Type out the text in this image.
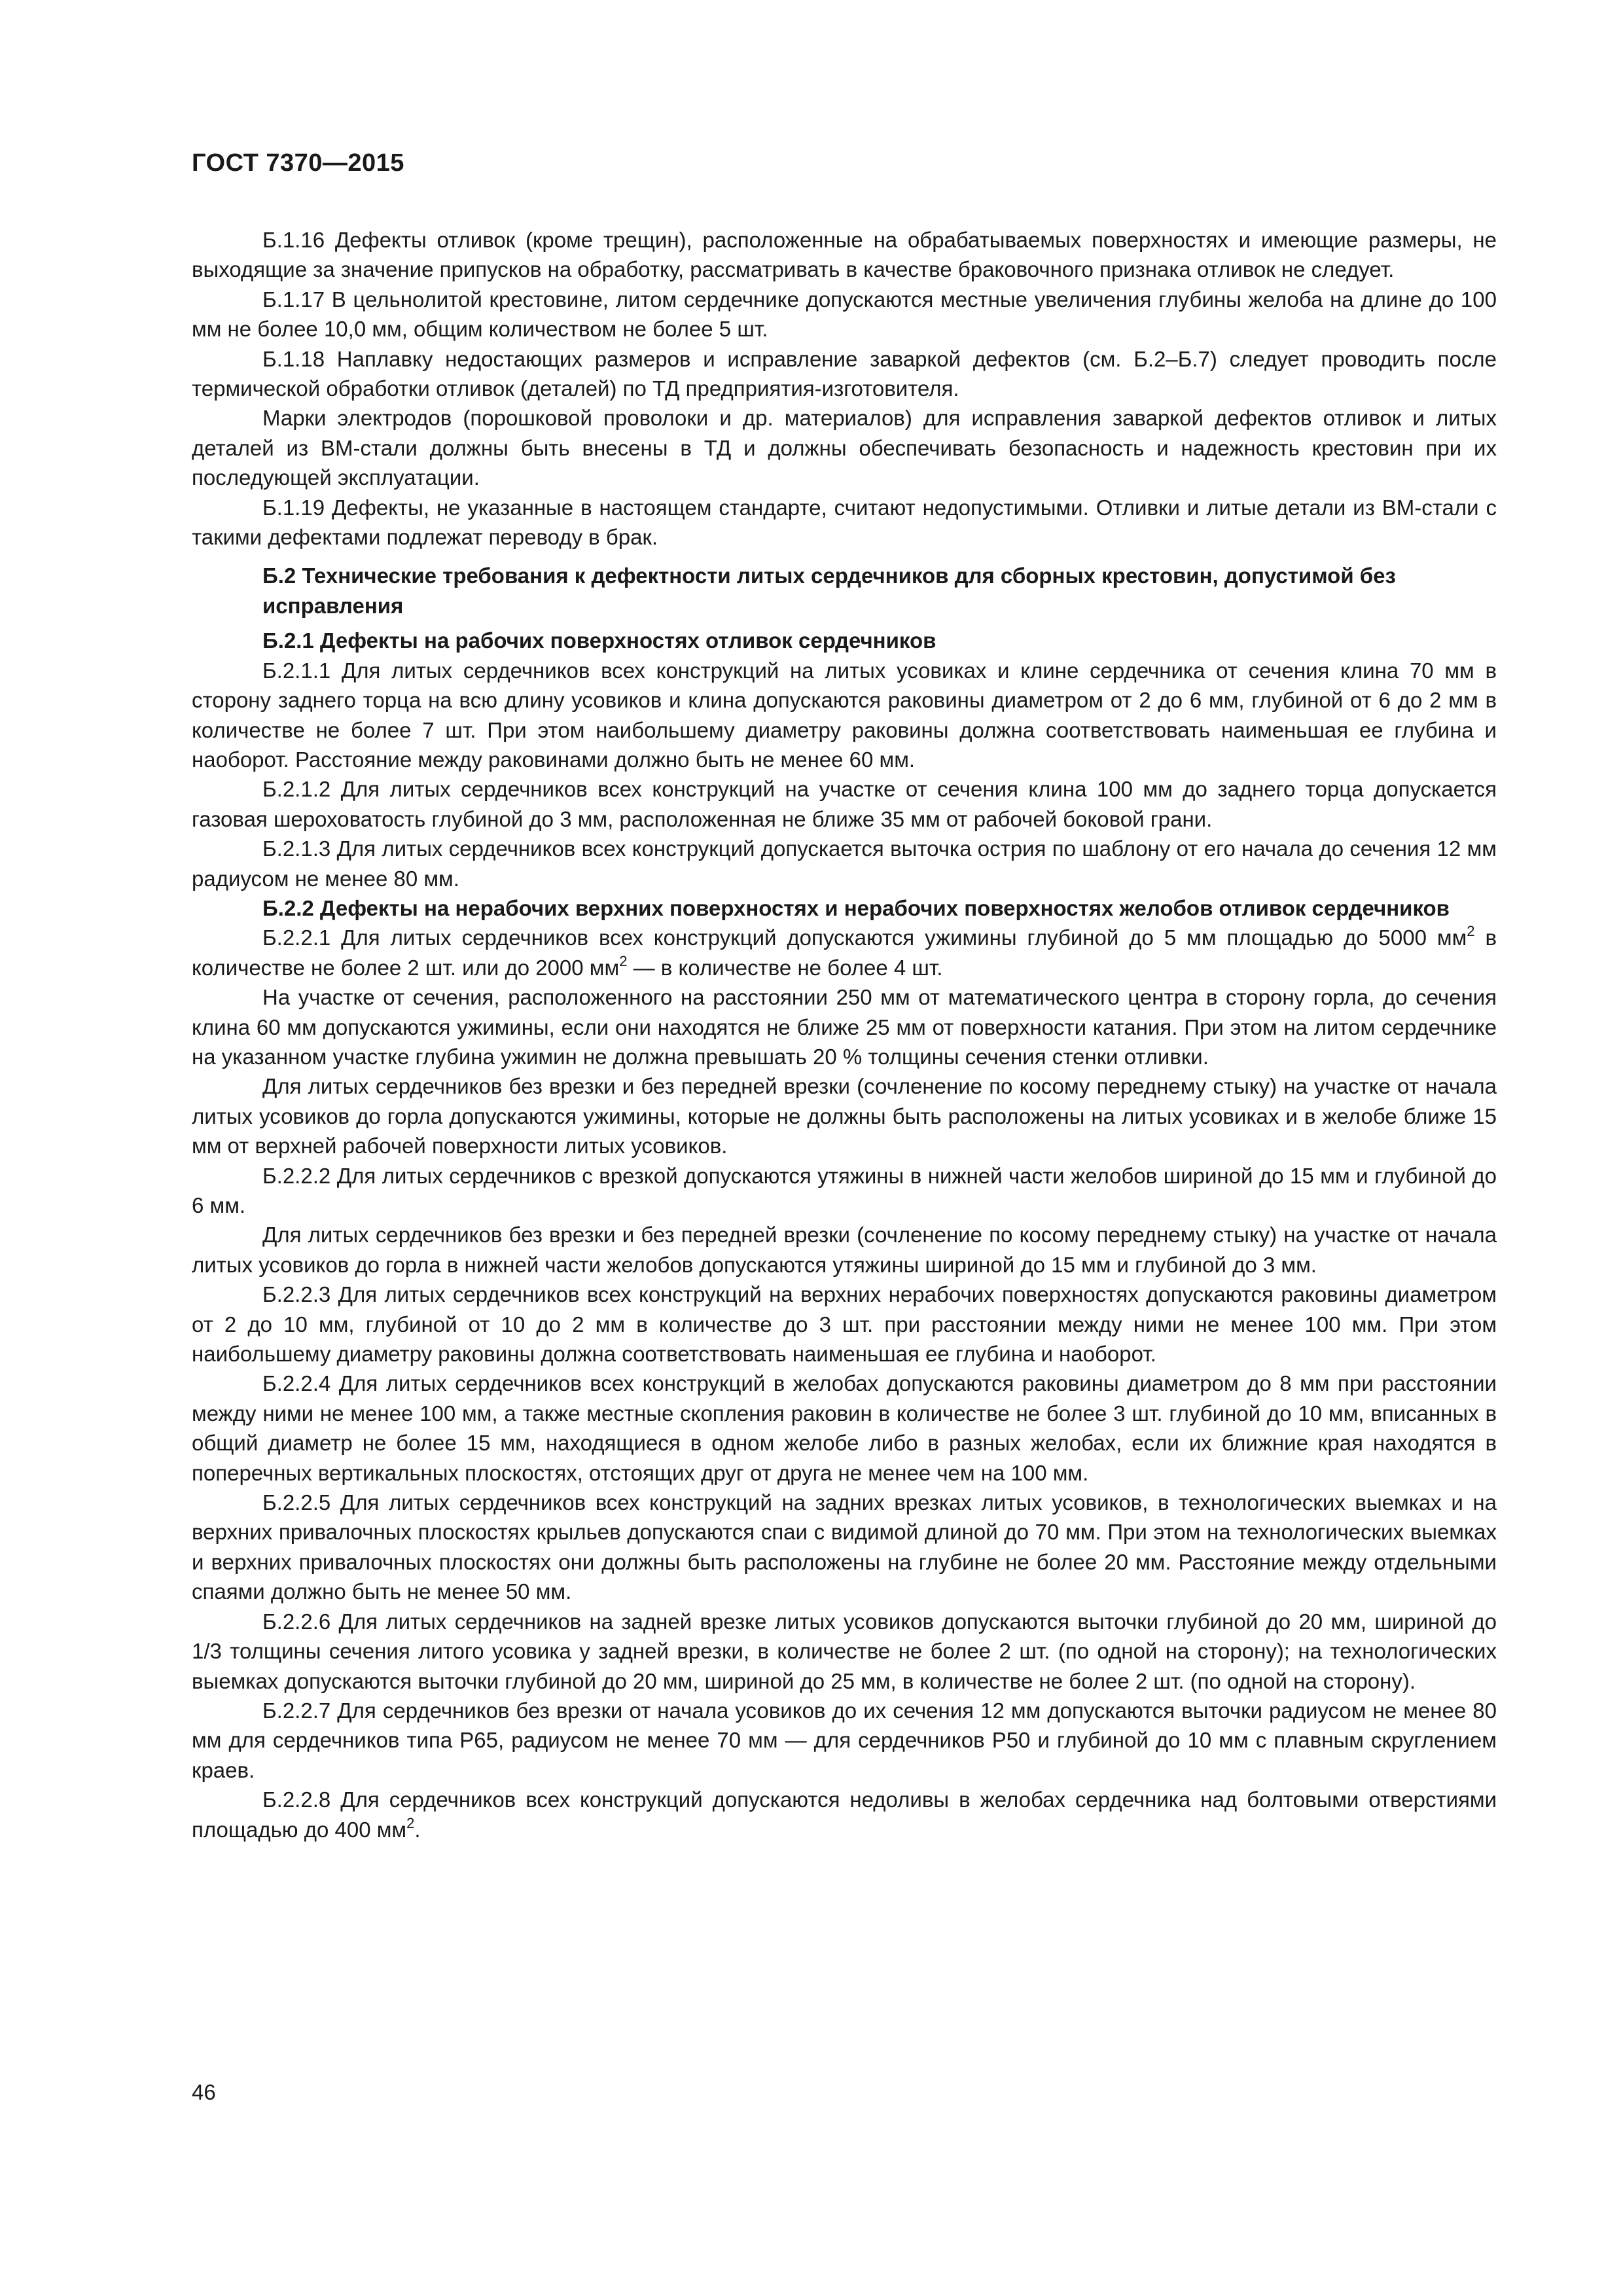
ГОСТ 7370—2015

Б.1.16 Дефекты отливок (кроме трещин), расположенные на обрабатываемых поверхностях и имеющие размеры, не выходящие за значение припусков на обработку, рассматривать в качестве браковочного признака отливок не следует.

Б.1.17 В цельнолитой крестовине, литом сердечнике допускаются местные увеличения глубины желоба на длине до 100 мм не более 10,0 мм, общим количеством не более 5 шт.

Б.1.18 Наплавку недостающих размеров и исправление заваркой дефектов (см. Б.2–Б.7) следует проводить после термической обработки отливок (деталей) по ТД предприятия-изготовителя.

Марки электродов (порошковой проволоки и др. материалов) для исправления заваркой дефектов отливок и литых деталей из ВМ-стали должны быть внесены в ТД и должны обеспечивать безопасность и надежность крестовин при их последующей эксплуатации.

Б.1.19 Дефекты, не указанные в настоящем стандарте, считают недопустимыми. Отливки и литые детали из ВМ-стали с такими дефектами подлежат переводу в брак.

Б.2 Технические требования к дефектности литых сердечников для сборных крестовин, допустимой без исправления
Б.2.1 Дефекты на рабочих поверхностях отливок сердечников

Б.2.1.1 Для литых сердечников всех конструкций на литых усовиках и клине сердечника от сечения клина 70 мм в сторону заднего торца на всю длину усовиков и клина допускаются раковины диаметром от 2 до 6 мм, глубиной от 6 до 2 мм в количестве не более 7 шт. При этом наибольшему диаметру раковины должна соответствовать наименьшая ее глубина и наоборот. Расстояние между раковинами должно быть не менее 60 мм.

Б.2.1.2 Для литых сердечников всех конструкций на участке от сечения клина 100 мм до заднего торца допускается газовая шероховатость глубиной до 3 мм, расположенная не ближе 35 мм от рабочей боковой грани.

Б.2.1.3 Для литых сердечников всех конструкций допускается выточка острия по шаблону от его начала до сечения 12 мм радиусом не менее 80 мм.

Б.2.2 Дефекты на нерабочих верхних поверхностях и нерабочих поверхностях желобов отливок сердечников

Б.2.2.1 Для литых сердечников всех конструкций допускаются ужимины глубиной до 5 мм площадью до 5000 $мм^2$ в количестве не более 2 шт. или до 2000 $мм^2$ — в количестве не более 4 шт.

На участке от сечения, расположенного на расстоянии 250 мм от математического центра в сторону горла, до сечения клина 60 мм допускаются ужимины, если они находятся не ближе 25 мм от поверхности катания. При этом на литом сердечнике на указанном участке глубина ужимин не должна превышать 20 % толщины сечения стенки отливки.

Для литых сердечников без врезки и без передней врезки (сочленение по косому переднему стыку) на участке от начала литых усовиков до горла допускаются ужимины, которые не должны быть расположены на литых усовиках и в желобе ближе 15 мм от верхней рабочей поверхности литых усовиков.

Б.2.2.2 Для литых сердечников с врезкой допускаются утяжины в нижней части желобов шириной до 15 мм и глубиной до 6 мм.

Для литых сердечников без врезки и без передней врезки (сочленение по косому переднему стыку) на участке от начала литых усовиков до горла в нижней части желобов допускаются утяжины шириной до 15 мм и глубиной до 3 мм.

Б.2.2.3 Для литых сердечников всех конструкций на верхних нерабочих поверхностях допускаются раковины диаметром от 2 до 10 мм, глубиной от 10 до 2 мм в количестве до 3 шт. при расстоянии между ними не менее 100 мм. При этом наибольшему диаметру раковины должна соответствовать наименьшая ее глубина и наоборот.

Б.2.2.4 Для литых сердечников всех конструкций в желобах допускаются раковины диаметром до 8 мм при расстоянии между ними не менее 100 мм, а также местные скопления раковин в количестве не более 3 шт. глубиной до 10 мм, вписанных в общий диаметр не более 15 мм, находящиеся в одном желобе либо в разных желобах, если их ближние края находятся в поперечных вертикальных плоскостях, отстоящих друг от друга не менее чем на 100 мм.

Б.2.2.5 Для литых сердечников всех конструкций на задних врезках литых усовиков, в технологических выемках и на верхних привалочных плоскостях крыльев допускаются спаи с видимой длиной до 70 мм. При этом на технологических выемках и верхних привалочных плоскостях они должны быть расположены на глубине не более 20 мм. Расстояние между отдельными спаями должно быть не менее 50 мм.

Б.2.2.6 Для литых сердечников на задней врезке литых усовиков допускаются выточки глубиной до 20 мм, шириной до 1/3 толщины сечения литого усовика у задней врезки, в количестве не более 2 шт. (по одной на сторону); на технологических выемках допускаются выточки глубиной до 20 мм, шириной до 25 мм, в количестве не более 2 шт. (по одной на сторону).

Б.2.2.7 Для сердечников без врезки от начала усовиков до их сечения 12 мм допускаются выточки радиусом не менее 80 мм для сердечников типа Р65, радиусом не менее 70 мм — для сердечников Р50 и глубиной до 10 мм с плавным скруглением краев.

Б.2.2.8 Для сердечников всех конструкций допускаются недоливы в желобах сердечника над болтовыми отверстиями площадью до 400 $мм^2$.

46
